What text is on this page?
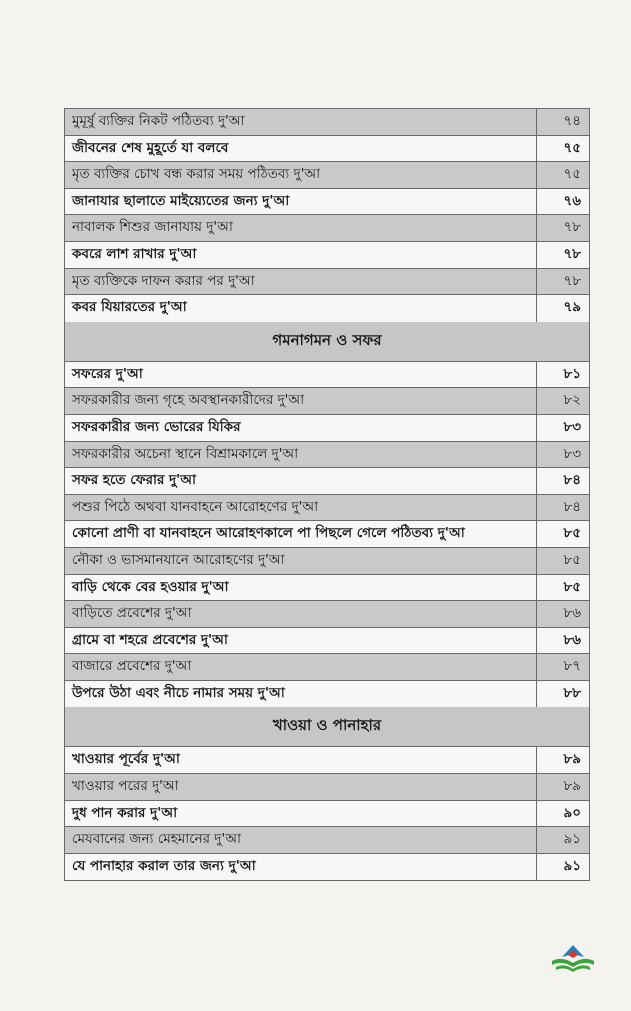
মুমূর্ষু ব্যক্তির নিকট পঠিতব্য দু'আ	৭৪
জীবনের শেষ মুহূর্তে যা বলবে	৭৫
মৃত ব্যক্তির চোখ বন্ধ করার সময় পঠিতব্য দু'আ	৭৫
জানাযার ছালাতে মাইয়্যেতের জন্য দু'আ	৭৬
নাবালক শিশুর জানাযায় দু'আ	৭৮
কবরে লাশ রাখার দু'আ	৭৮
মৃত ব্যক্তিকে দাফন করার পর দু'আ	৭৮
কবর যিয়ারতের দু'আ	৭৯
গমনাগমন ও সফর
সফরের দু'আ	৮১
সফরকারীর জন্য গৃহে অবস্থানকারীদের দু'আ	৮২
সফরকারীর জন্য ভোরের যিকির	৮৩
সফরকারীর অচেনা স্থানে বিশ্রামকালে দু'আ	৮৩
সফর হতে ফেরার দু'আ	৮৪
পশুর পিঠে অথবা যানবাহনে আরোহণের দু'আ	৮৪
কোনো প্রাণী বা যানবাহনে আরোহণকালে পা পিছলে গেলে পঠিতব্য দু'আ	৮৫
নৌকা ও ভাসমানযানে আরোহণের দু'আ	৮৫
বাড়ি থেকে বের হওয়ার দু'আ	৮৫
বাড়িতে প্রবেশের দু'আ	৮৬
গ্রামে বা শহরে প্রবেশের দু'আ	৮৬
বাজারে প্রবেশের দু'আ	৮৭
উপরে উঠা এবং নীচে নামার সময় দু'আ	৮৮
খাওয়া ও পানাহার
খাওয়ার পূর্বের দু'আ	৮৯
খাওয়ার পরের দু'আ	৮৯
দুধ পান করার দু'আ	৯০
মেযবানের জন্য মেহমানের দু'আ	৯১
যে পানাহার করাল তার জন্য দু'আ	৯১
